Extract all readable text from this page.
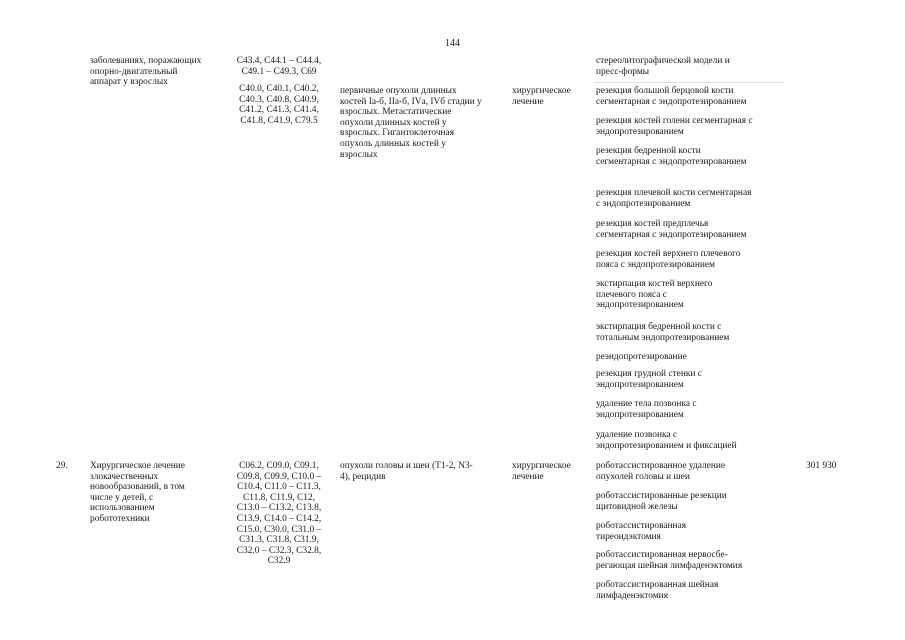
144
заболеваниях, поражающих
опорно-двигательный
аппарат у взрослых
C43.4, C44.1 – C44.4,
C49.1 – C49.3, C69
C40.0, C40.1, C40.2,
C40.3, C40.8, C40.9,
C41.2, C41.3, C41.4,
C41.8, C41.9, C79.5
первичные опухоли длинных
костей Iа-б, IIа-б, IVа, IVб стадии у
взрослых. Метастатические
опухоли длинных костей у
взрослых. Гигантоклеточная
опухоль длинных костей у
взрослых
хирургическое
лечение
стереолитографической модели и
пресс-формы
резекция большой берцовой кости
сегментарная с эндопротезированием
резекция костей голени сегментарная с
эндопротезированием
резекция бедренной кости
сегментарная с эндопротезированием
резекция плечевой кости сегментарная
с эндопротезированием
резекция костей предплечья
сегментарная с эндопротезированием
резекция костей верхнего плечевого
пояса с эндопротезированием
экстирпация костей верхнего
плечевого пояса с
эндопротезированием
экстирпация бедренной кости с
тотальным эндопротезированием
реэндопротезирование
резекция грудной стенки с
эндопротезированием
удаление тела позвонка с
эндопротезированием
удаление позвонка с
эндопротезированием и фиксацией
29.	Хирургическое лечение
злокачественных
новообразований, в том
числе у детей, с
использованием
робототехники
C06.2, C09.0, C09.1,
C09.8, C09.9, C10.0 –
C10.4, C11.0 – C11.3,
C11.8, C11.9, C12,
C13.0 – C13.2, C13.8,
C13.9, C14.0 – C14.2,
C15.0, C30.0, C31.0 –
C31.3, C31.8, C31.9,
C32.0 – C32.3, C32.8,
C32.9
опухоли головы и шеи (T1-2, N3-
4), рецидив
хирургическое
лечение
роботассистированное удаление
опухолей головы и шеи
роботассистированные резекции
щитовидной железы
роботассистированная
тиреоидэктомия
роботассистированная нервосбе-
регающая шейная лимфаденэктомия
роботассистированная шейная
лимфаденэктомия
301 930
